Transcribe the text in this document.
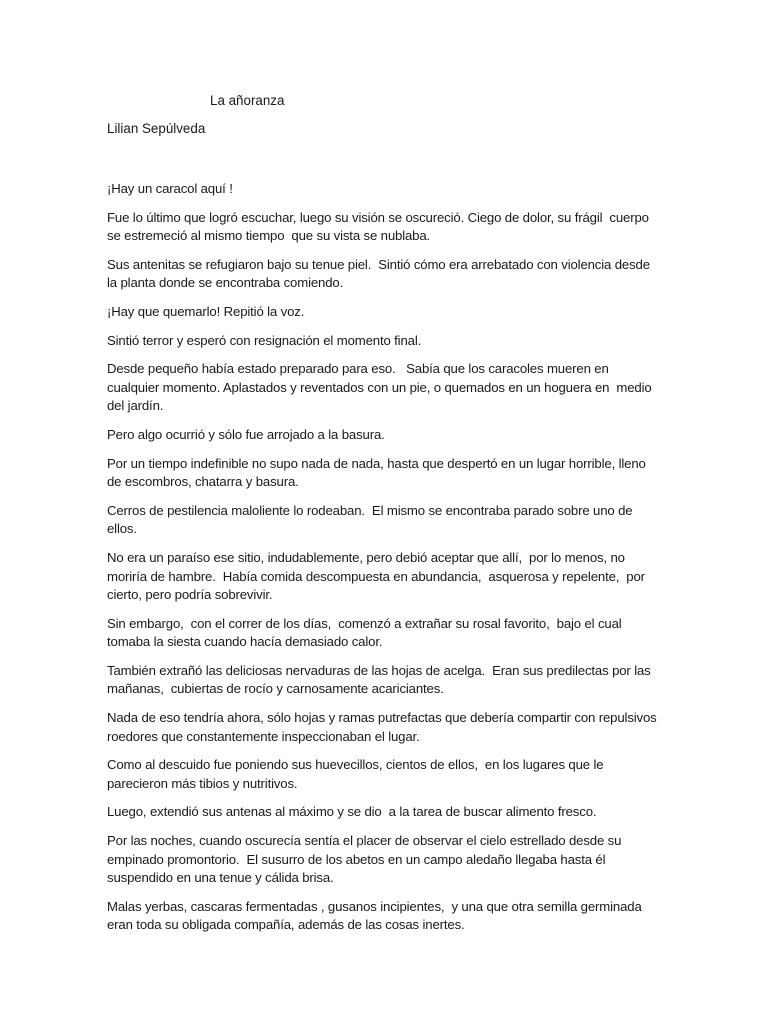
La añoranza
Lilian Sepúlveda

¡Hay un caracol aquí !

Fue lo último que logró escuchar, luego su visión se oscureció. Ciego de dolor, su frágil  cuerpo se estremeció al mismo tiempo  que su vista se nublaba.

Sus antenitas se refugiaron bajo su tenue piel.  Sintió cómo era arrebatado con violencia desde la planta donde se encontraba comiendo.

¡Hay que quemarlo! Repitió la voz.

Sintió terror y esperó con resignación el momento final.

Desde pequeño había estado preparado para eso.   Sabía que los caracoles mueren en cualquier momento. Aplastados y reventados con un pie, o quemados en un hoguera en  medio del jardín.

Pero algo ocurrió y sólo fue arrojado a la basura.

Por un tiempo indefinible no supo nada de nada, hasta que despertó en un lugar horrible, lleno de escombros, chatarra y basura.

Cerros de pestilencia maloliente lo rodeaban.  El mismo se encontraba parado sobre uno de ellos.

No era un paraíso ese sitio, indudablemente, pero debió aceptar que allí,  por lo menos, no moriría de hambre.  Había comida descompuesta en abundancia,  asquerosa y repelente,  por cierto, pero podría sobrevivir.

Sin embargo,  con el correr de los días,  comenzó a extrañar su rosal favorito,  bajo el cual tomaba la siesta cuando hacía demasiado calor.

También extrañó las deliciosas nervaduras de las hojas de acelga.  Eran sus predilectas por las mañanas,  cubiertas de rocío y carnosamente acariciantes.

Nada de eso tendría ahora, sólo hojas y ramas putrefactas que debería compartir con repulsivos roedores que constantemente inspeccionaban el lugar.

Como al descuido fue poniendo sus huevecillos, cientos de ellos,  en los lugares que le parecieron más tibios y nutritivos.

Luego, extendió sus antenas al máximo y se dio  a la tarea de buscar alimento fresco.

Por las noches, cuando oscurecía sentía el placer de observar el cielo estrellado desde su empinado promontorio.  El susurro de los abetos en un campo aledaño llegaba hasta él suspendido en una tenue y cálida brisa.

Malas yerbas, cascaras fermentadas , gusanos incipientes,  y una que otra semilla germinada eran toda su obligada compañía, además de las cosas inertes.
